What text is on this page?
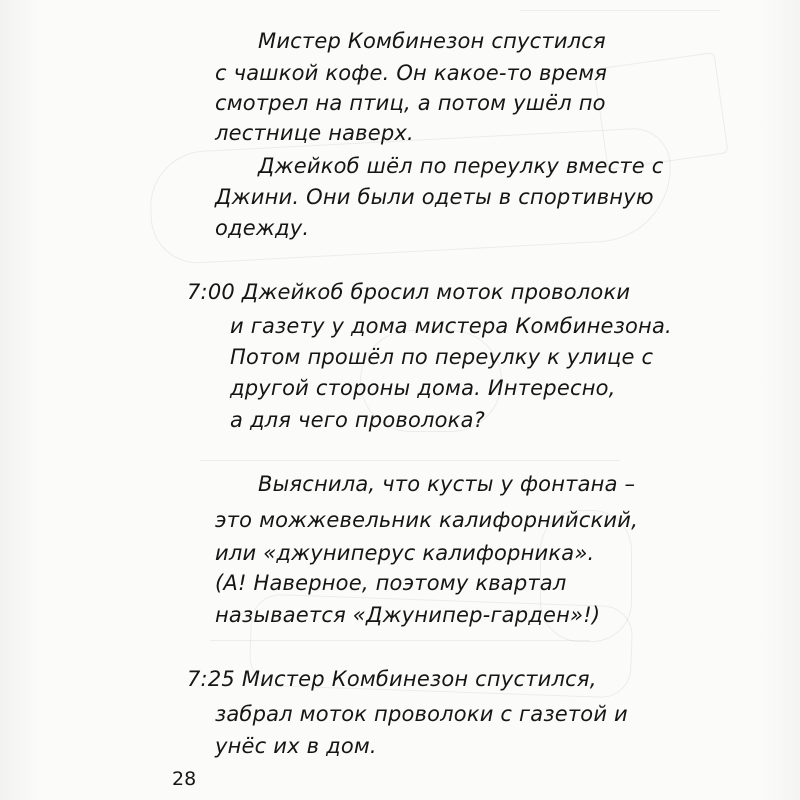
Мистер Комбинезон спустился
с чашкой кофе. Он какое-то время
смотрел на птиц, а потом ушёл по
лестнице наверх.
Джейкоб шёл по переулку вместе с
Джини. Они были одеты в спортивную
одежду.
7:00 Джейкоб бросил моток проволоки
и газету у дома мистера Комбинезона.
Потом прошёл по переулку к улице с
другой стороны дома. Интересно,
а для чего проволока?
Выяснила, что кусты у фонтана –
это можжевельник калифорнийский,
или «джуниперус калифорника».
(А! Наверное, поэтому квартал
называется «Джунипер-гарден»!)
7:25 Мистер Комбинезон спустился,
забрал моток проволоки с газетой и
унёс их в дом.
28
